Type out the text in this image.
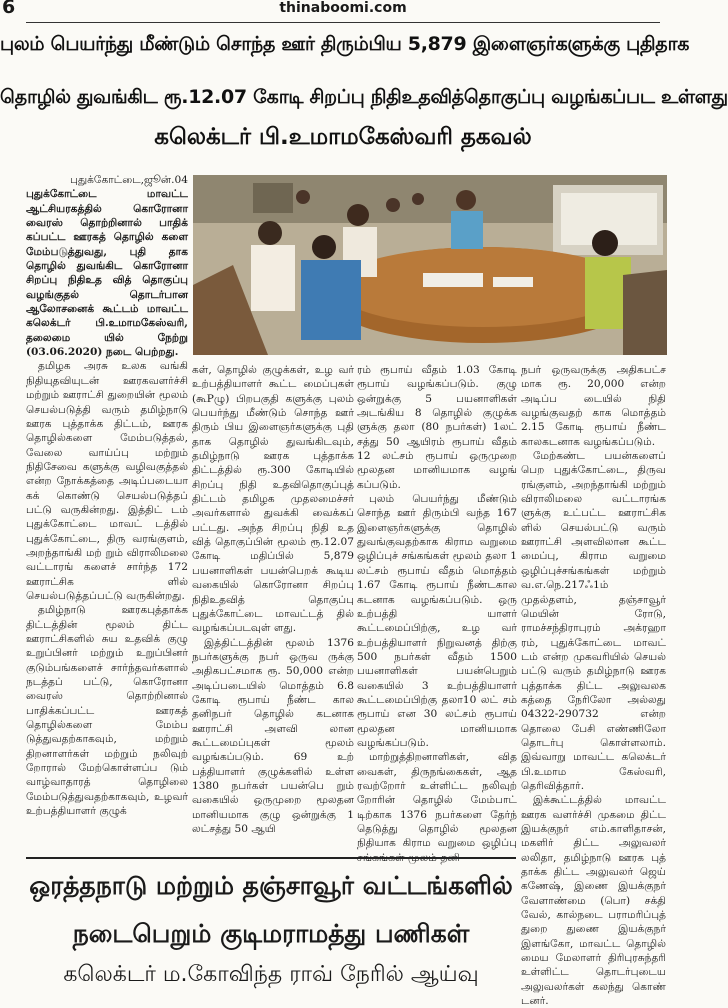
6	thinaboomi.com
புலம் பெயர்ந்து மீண்டும் சொந்த ஊர் திரும்பிய 5,879 இளைஞர்களுக்கு புதிதாக
தொழில் துவங்கிட ரூ.12.07 கோடி சிறப்பு நிதிஉதவித்தொகுப்பு வழங்கப்பட உள்ளது
கலெக்டர் பி.உமாமகேஸ்வரி தகவல்

புதுக்கோட்டை,ஜூன்.04

புதுக்கோட்டை மாவட்ட ஆட்சியரகத்தில் கொரோனா வைரஸ் தொற்றினால் பாதிக் கப்பட்ட ஊரகத் தொழில் களை மேம்படுத்துவது, புதி தாக தொழில் துவங்கிட கொரோனா சிறப்பு நிதிஉத வித் தொகுப்பு வழங்குதல் தொடர்பான ஆலோசனைக் கூட்டம் மாவட்ட கலெக்டர் பி.உமாமகேஸ்வரி, தலைமை யில் நேற்று (03.06.2020) நடை பெற்றது.

தமிழக அரசு உலக வங்கி நிதியுதவியுடன் ஊரகவளர்ச்சி மற்றும் ஊராட்சி துறையின் மூலம் செயல்படுத்தி வரும் தமிழ்நாடு ஊரக புத்தாக்க திட்டம், ஊரக தொழில்களை மேம்படுத்தல், வேலை வாய்ப்பு மற்றும் நிதிசேவை களுக்கு வழிவகுத்தல் என்ற நோக்கத்தை அடிப்படையா கக் கொண்டு செயல்படுத்தப் பட்டு வருகின்றது. இத்திட் டம் புதுக்கோட்டை மாவட் டத்தில் புதுக்கோட்டை, திரு வரங்குளம், அறந்தாங்கி மற் றும் விராலிமலை வட்டாரங் களைச் சார்ந்த 172 ஊராட்சிக ளில் செயல்படுத்தப்பட்டு வருகின்றது.

தமிழ்நாடு ஊரகபுத்தாக்க திட்டத்தின் மூலம் திட்ட ஊராட்சிகளில் சுய உதவிக் குழு உறுப்பினர் மற்றும் உறுப்பினர் குடும்பங்களைச் சார்ந்தவர்களால் நடத்தப் பட்டு, கொரோனா வைரஸ் தொற்றினால் பாதிக்கப்பட்ட ஊரகத் தொழில்களை மேம்ப டுத்துவதற்காகவும், மற்றும் திறனாளர்கள் மற்றும் நலிவுற் றோரால் மேற்கொள்ளப்ப டும் வாழ்வாதாரத் தொழிலை மேம்படுத்துவதற்காகவும், உழவர் உற்பத்தியாளர் குழுக்

கள், தொழில் குழுக்கள், உழ வர் உற்பத்தியாளர் கூட்ட மைப்புகள் (கூPழு) பிறபகுதி களுக்கு புலம் பெயர்ந்து மீண்டும் சொந்த ஊர் திரும் பிய இளைஞர்களுக்கு புதி தாக தொழில் துவங்கிடவும், தமிழ்நாடு ஊரக புத்தாக்க திட்டத்தில் ரூ.300 கோடியில் சிறப்பு நிதி உதவிதொகுப்புத் திட்டம் தமிழக முதலமைச்சர் அவர்களால் துவக்கி வைக்கப் பட்டது. அந்த சிறப்பு நிதி உத வித் தொகுப்பின் மூலம் ரூ.12.07 கோடி மதிப்பில் 5,879 பயனாளிகள் பயன்பெறக் கூடிய வகையில் கொரோனா சிறப்பு நிதிஉதவித் தொகுப்பு புதுக்கோட்டை மாவட்டத் தில் வழங்கப்படவுள் ளது.

இத்திட்டத்தின் மூலம் 1376 நபர்களுக்கு நபர் ஒருவ ருக்கு அதிகபட்சமாக ரூ. 50,000 என்ற அடிப்படையில் மொத்தம் 6.8 கோடி ரூபாய் நீண்ட கால தனிநபர் தொழில் கடனாக ஊராட்சி அளவி லான கூட்டமைப்புகள் மூலம் வழங்கப்படும். 69 உற் பத்தியாளர் குழுக்களில் உள்ள 1380 நபர்கள் பயன்பெ றும் வகையில் ஒருமுறை மூலதன மானியமாக குழு ஒன்றுக்கு 1 லட்சத்து 50 ஆயி

ரம் ரூபாய் வீதம் 1.03 கோடி ரூபாய் வழங்கப்படும். குழு ஒன்றுக்கு 5 பயனாளிகள் அடங்கிய 8 தொழில் குழுக்க ளுக்கு தலா (80 நபர்கள்) 1லட் சத்து 50 ஆயிரம் ரூபாய் வீதம் 12 லட்சம் ரூபாய் ஒருமுறை மூலதன மானியமாக வழங் கப்படும்.

புலம் பெயர்ந்து மீண்டும் சொந்த ஊர் திரும்பி வந்த 167 இளைஞர்களுக்கு தொழில் துவங்குவதற்காக கிராம வறுமை ஒழிப்புச் சங்கங்கள் மூலம் தலா 1 லட்சம் ரூபாய் வீதம் மொத்தம் 1.67 கோடி ரூபாய் நீண்டகால கடனாக வழங்கப்படும். ஒரு உற்பத்தி யாளர் கூட்டமைப்பிற்கு, உழ வர் உற்பத்தியாளர் நிறுவனத் திற்கு 500 நபர்கள் வீதம் 1500 பயனாளிகள் பயன்பெறும் வகையில் 3 உற்பத்தியாளர் கூட்டமைப்பிற்கு தலா10 லட் சம் ரூபாய் என 30 லட்சம் ரூபாய் மூலதன மானியமாக வழங்கப்படும்.

மாற்றுத்திறனாளிகள், வித வைகள், திருநங்கைகள், ஆத ரவற்றோர் உள்ளிட்ட நலிவுற் றோரின் தொழில் மேம்பாட் டிற்காக 1376 நபர்களை தேர்ந் தெடுத்து தொழில் மூலதன நிதியாக கிராம வறுமை ஒழிப்பு

நபர் ஒருவருக்கு அதிகபட்ச மாக ரூ. 20,000 என்ற அடிப்ப டையில் நிதி வழங்குவதற் காக மொத்தம் 2.15 கோடி ரூபாய் நீண்ட காலகடனாக வழங்கப்படும்.

மேற்கண்ட பயன்களைப் பெற புதுக்கோட்டை, திருவ ரங்குளம், அறந்தாங்கி மற்றும் விராலிமலை வட்டாரங்க ளுக்கு உட்பட்ட ஊராட்சிக ளில் செயல்பட்டு வரும் ஊராட்சி அளவிலான கூட்ட மைப்பு, கிராம வறுமை ஒழிப்புச்சங்கங்கள் மற்றும் வ.எ.நெ.217ஃ1ம் முதல்தளம், தஞ்சாவூர் மெயின் ரோடு, ராமச்சந்திராபுரம் அக்ரஹா ரம், புதுக்கோட்டை மாவட் டம் என்ற முகவரியில் செயல் பட்டு வரும் தமிழ்நாடு ஊரக புத்தாக்க திட்ட அலுவலக கத்தை நேரிலோ அல்லது 04322-290732 என்ற தொலை பேசி எண்ணிலோ தொடர்பு கொள்ளலாம். இவ்வாறு மாவட்ட கலெக்டர் பி.உமாம கேஸ்வரி, தெரிவித்தார்.

இக்கூட்டத்தில் மாவட்ட ஊரக வளர்ச்சி முகமை திட்ட இயக்குநர் எம்.காளிதாசன், மகளிர் திட்ட அலுவலர் லலிதா, தமிழ்நாடு ஊரக புத் தாக்க திட்ட அலுவலர் ஜெய் கணேஷ், இணை இயக்குநர் வேளாண்மை (பொ) சக்தி வேல், கால்நடை பராமரிப்புத் துறை துணை இயக்குநர் இளங்கோ, மாவட்ட தொழில் மைய மேலாளர் திரிபுரசுந்தரி உள்ளிட்ட தொடர்புடைய அலுவலர்கள் கலந்து கொண் டனர்.

ஒரத்தநாடு மற்றும் தஞ்சாவூர் வட்டங்களில்
நடைபெறும் குடிமராமத்து பணிகள்
கலெக்டர் ம.கோவிந்த ராவ் நேரில் ஆய்வு
